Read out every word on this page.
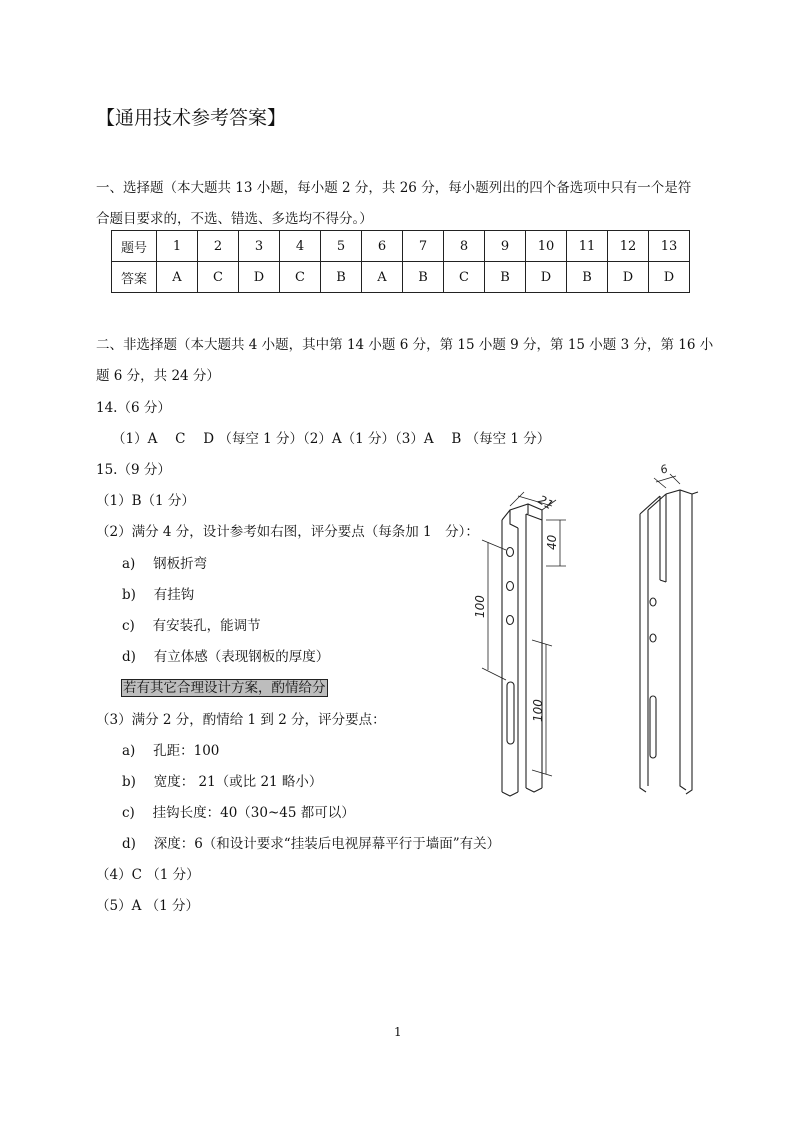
【通用技术参考答案】
一、选择题（本大题共 13 小题，每小题 2 分，共 26 分，每小题列出的四个备选项中只有一个是符
合题目要求的，不选、错选、多选均不得分。）
题号	1	2	3	4	5	6	7	8	9	10	11	12	13
答案	A	C	D	C	B	A	B	C	B	D	B	D	D
二、非选择题（本大题共 4 小题，其中第 14 小题 6 分，第 15 小题 9 分，第 15 小题 3 分，第 16 小
题 6 分，共 24 分）
14.（6 分）
（1）A　 C　 D （每空 1 分）（2）A（1 分）（3）A　 B （每空 1 分）
15.（9 分）
（1）B（1 分）
（2）满分 4 分，设计参考如右图，评分要点（每条加 1　分）：
a)　 钢板折弯
b)　 有挂钩
c)　 有安装孔，能调节
d)　 有立体感（表现钢板的厚度）
若有其它合理设计方案，酌情给分
（3）满分 2 分，酌情给 1 到 2 分，评分要点：
a)　 孔距：100
b)　 宽度： 21（或比 21 略小）
c)　 挂钩长度：40（30~45 都可以）
d)　 深度：6（和设计要求“挂装后电视屏幕平行于墙面”有关）
（4）C （1 分）
（5）A （1 分）
21
40
100
100
6
1
